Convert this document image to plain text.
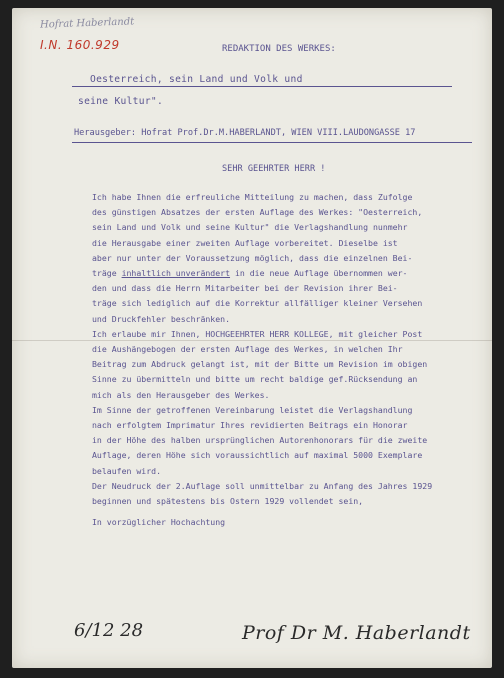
Hofrat Haberlandt
I.N. 160.929	REDAKTION DES WERKES:
Oesterreich, sein Land und Volk und
seine Kultur".
Herausgeber: Hofrat Prof.Dr.M.HABERLANDT, WIEN VIII.LAUDONGASSE 17
SEHR GEEHRTER HERR !
Ich habe Ihnen die erfreuliche Mitteilung zu machen, dass Zufolge
des günstigen Absatzes der ersten Auflage des Werkes: "Oesterreich,
sein Land und Volk und seine Kultur" die Verlagshandlung nunmehr
die Herausgabe einer zweiten Auflage vorbereitet. Dieselbe ist
aber nur unter der Voraussetzung möglich, dass die einzelnen Bei-
träge inhaltlich unverändert in die neue Auflage übernommen wer-
den und dass die Herrn Mitarbeiter bei der Revision ihrer Bei-
träge sich lediglich auf die Korrektur allfälliger kleiner Versehen
und Druckfehler beschränken.
Ich erlaube mir Ihnen, HOCHGEEHRTER HERR KOLLEGE, mit gleicher Post
die Aushängebogen der ersten Auflage des Werkes, in welchen Ihr
Beitrag zum Abdruck gelangt ist, mit der Bitte um Revision im obigen
Sinne zu übermitteln und bitte um recht baldige gef.Rücksendung an
mich als den Herausgeber des Werkes.
Im Sinne der getroffenen Vereinbarung leistet die Verlagshandlung
nach erfolgtem Imprimatur Ihres revidierten Beitrags ein Honorar
in der Höhe des halben ursprünglichen Autorenhonorars für die zweite
Auflage, deren Höhe sich voraussichtlich auf maximal 5000 Exemplare
belaufen wird.
Der Neudruck der 2.Auflage soll unmittelbar zu Anfang des Jahres 1929
beginnen und spätestens bis Ostern 1929 vollendet sein,
In vorzüglicher Hochachtung
6/12 28	Prof Dr M. Haberlandt
